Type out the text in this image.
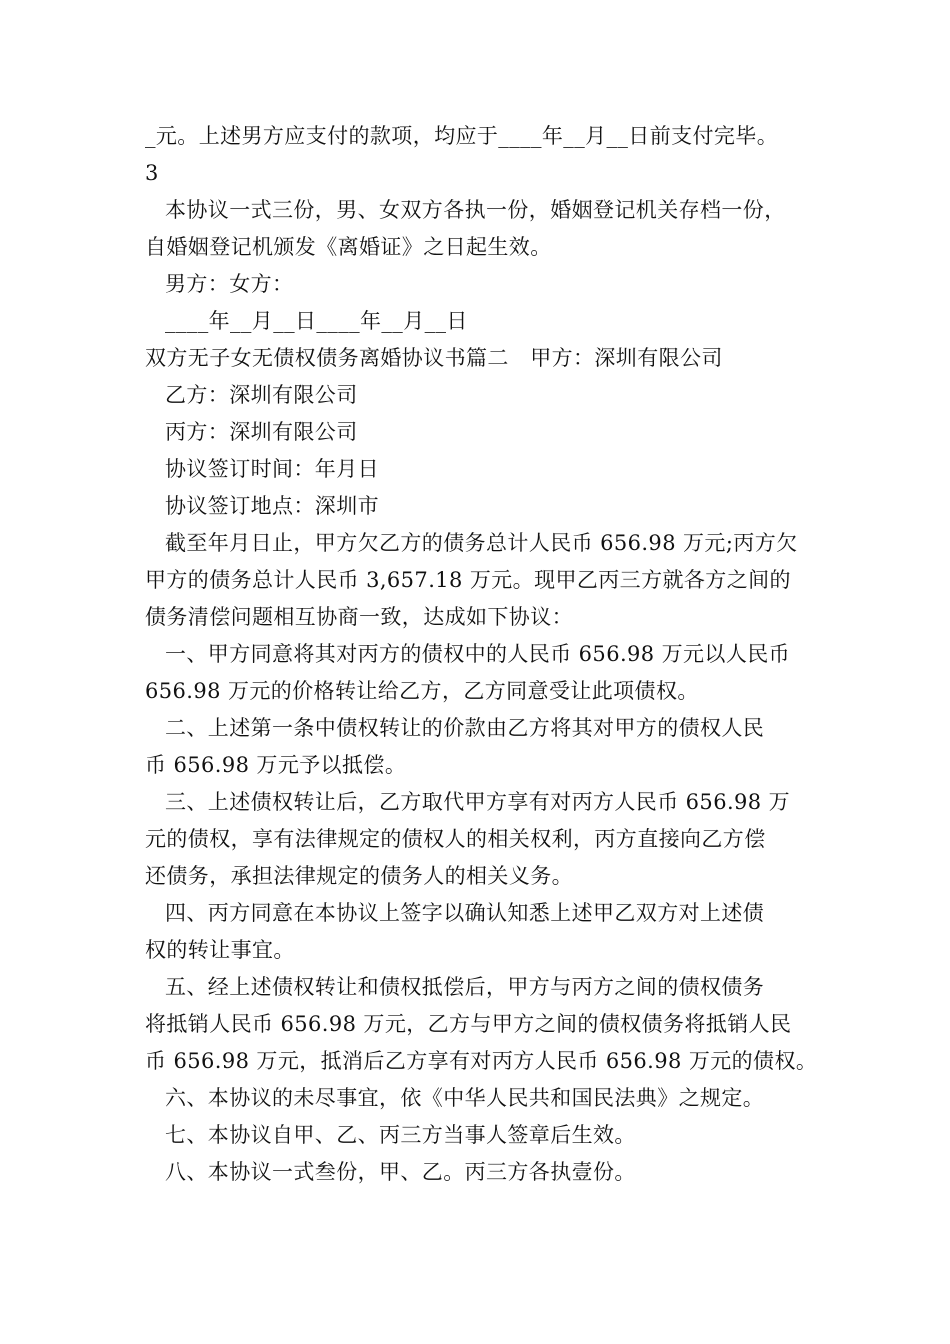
_元。上述男方应支付的款项，均应于____年__月__日前支付完毕。
3
本协议一式三份，男、女双方各执一份，婚姻登记机关存档一份，
自婚姻登记机颁发《离婚证》之日起生效。
男方：女方：
____年__月__日____年__月__日
双方无子女无债权债务离婚协议书篇二　甲方：深圳有限公司
乙方：深圳有限公司
丙方：深圳有限公司
协议签订时间：年月日
协议签订地点：深圳市
截至年月日止，甲方欠乙方的债务总计人民币 656.98 万元;丙方欠
甲方的债务总计人民币 3,657.18 万元。现甲乙丙三方就各方之间的
债务清偿问题相互协商一致，达成如下协议：
一、甲方同意将其对丙方的债权中的人民币 656.98 万元以人民币
656.98 万元的价格转让给乙方，乙方同意受让此项债权。
二、上述第一条中债权转让的价款由乙方将其对甲方的债权人民
币 656.98 万元予以抵偿。
三、上述债权转让后，乙方取代甲方享有对丙方人民币 656.98 万
元的债权，享有法律规定的债权人的相关权利，丙方直接向乙方偿
还债务，承担法律规定的债务人的相关义务。
四、丙方同意在本协议上签字以确认知悉上述甲乙双方对上述债
权的转让事宜。
五、经上述债权转让和债权抵偿后，甲方与丙方之间的债权债务
将抵销人民币 656.98 万元，乙方与甲方之间的债权债务将抵销人民
币 656.98 万元，抵消后乙方享有对丙方人民币 656.98 万元的债权。
六、本协议的未尽事宜，依《中华人民共和国民法典》之规定。
七、本协议自甲、乙、丙三方当事人签章后生效。
八、本协议一式叁份，甲、乙。丙三方各执壹份。
